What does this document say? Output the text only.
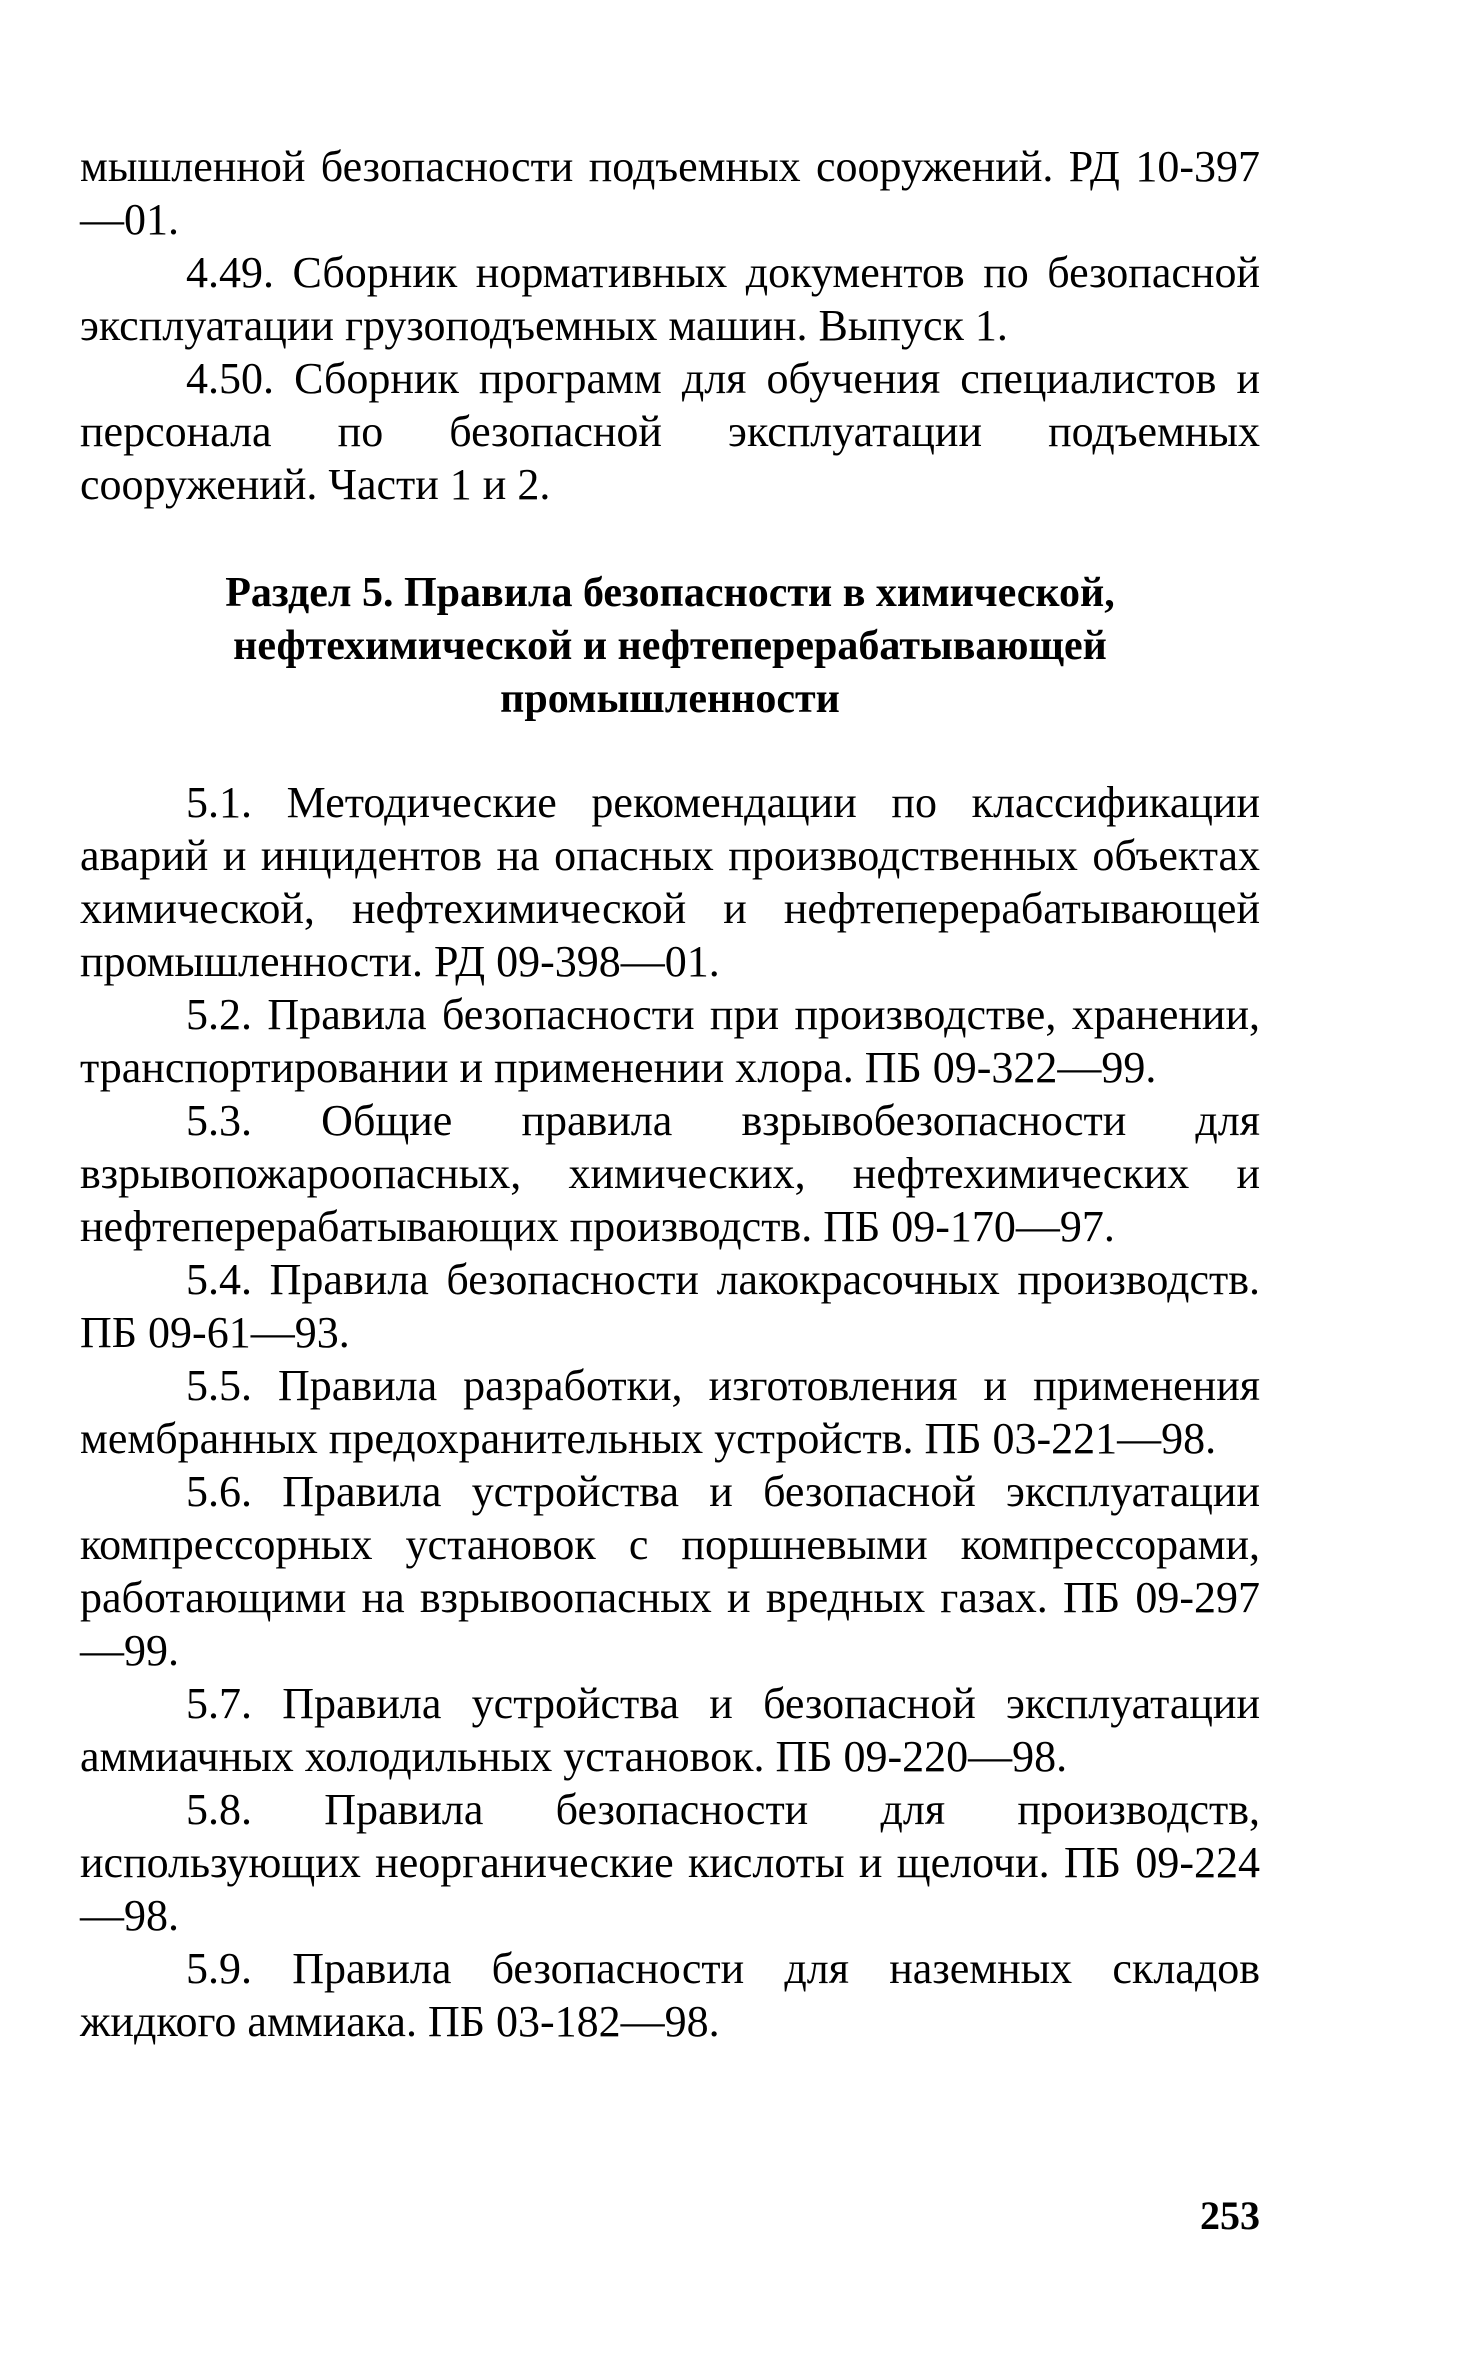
мышленной безопасности подъемных сооружений. РД 10-397—01.

4.49. Сборник нормативных документов по безопасной эксплуатации грузоподъемных машин. Выпуск 1.

4.50. Сборник программ для обучения специалистов и персонала по безопасной эксплуатации подъемных сооружений. Части 1 и 2.

Раздел 5. Правила безопасности в химической,
нефтехимической и нефтеперерабатывающей
промышленности

5.1. Методические рекомендации по классификации аварий и инцидентов на опасных производственных объектах химической, нефтехимической и нефтеперерабатывающей промышленности. РД 09-398—01.

5.2. Правила безопасности при производстве, хранении, транспортировании и применении хлора. ПБ 09-322—99.

5.3. Общие правила взрывобезопасности для взрывопожароопасных, химических, нефтехимических и нефтеперерабатывающих производств. ПБ 09-170—97.

5.4. Правила безопасности лакокрасочных производств. ПБ 09-61—93.

5.5. Правила разработки, изготовления и применения мембранных предохранительных устройств. ПБ 03-221—98.

5.6. Правила устройства и безопасной эксплуатации компрессорных установок с поршневыми компрессорами, работающими на взрывоопасных и вредных газах. ПБ 09-297—99.

5.7. Правила устройства и безопасной эксплуатации аммиачных холодильных установок. ПБ 09-220—98.

5.8. Правила безопасности для производств, использующих неорганические кислоты и щелочи. ПБ 09-224—98.

5.9. Правила безопасности для наземных складов жидкого аммиака. ПБ 03-182—98.

253
